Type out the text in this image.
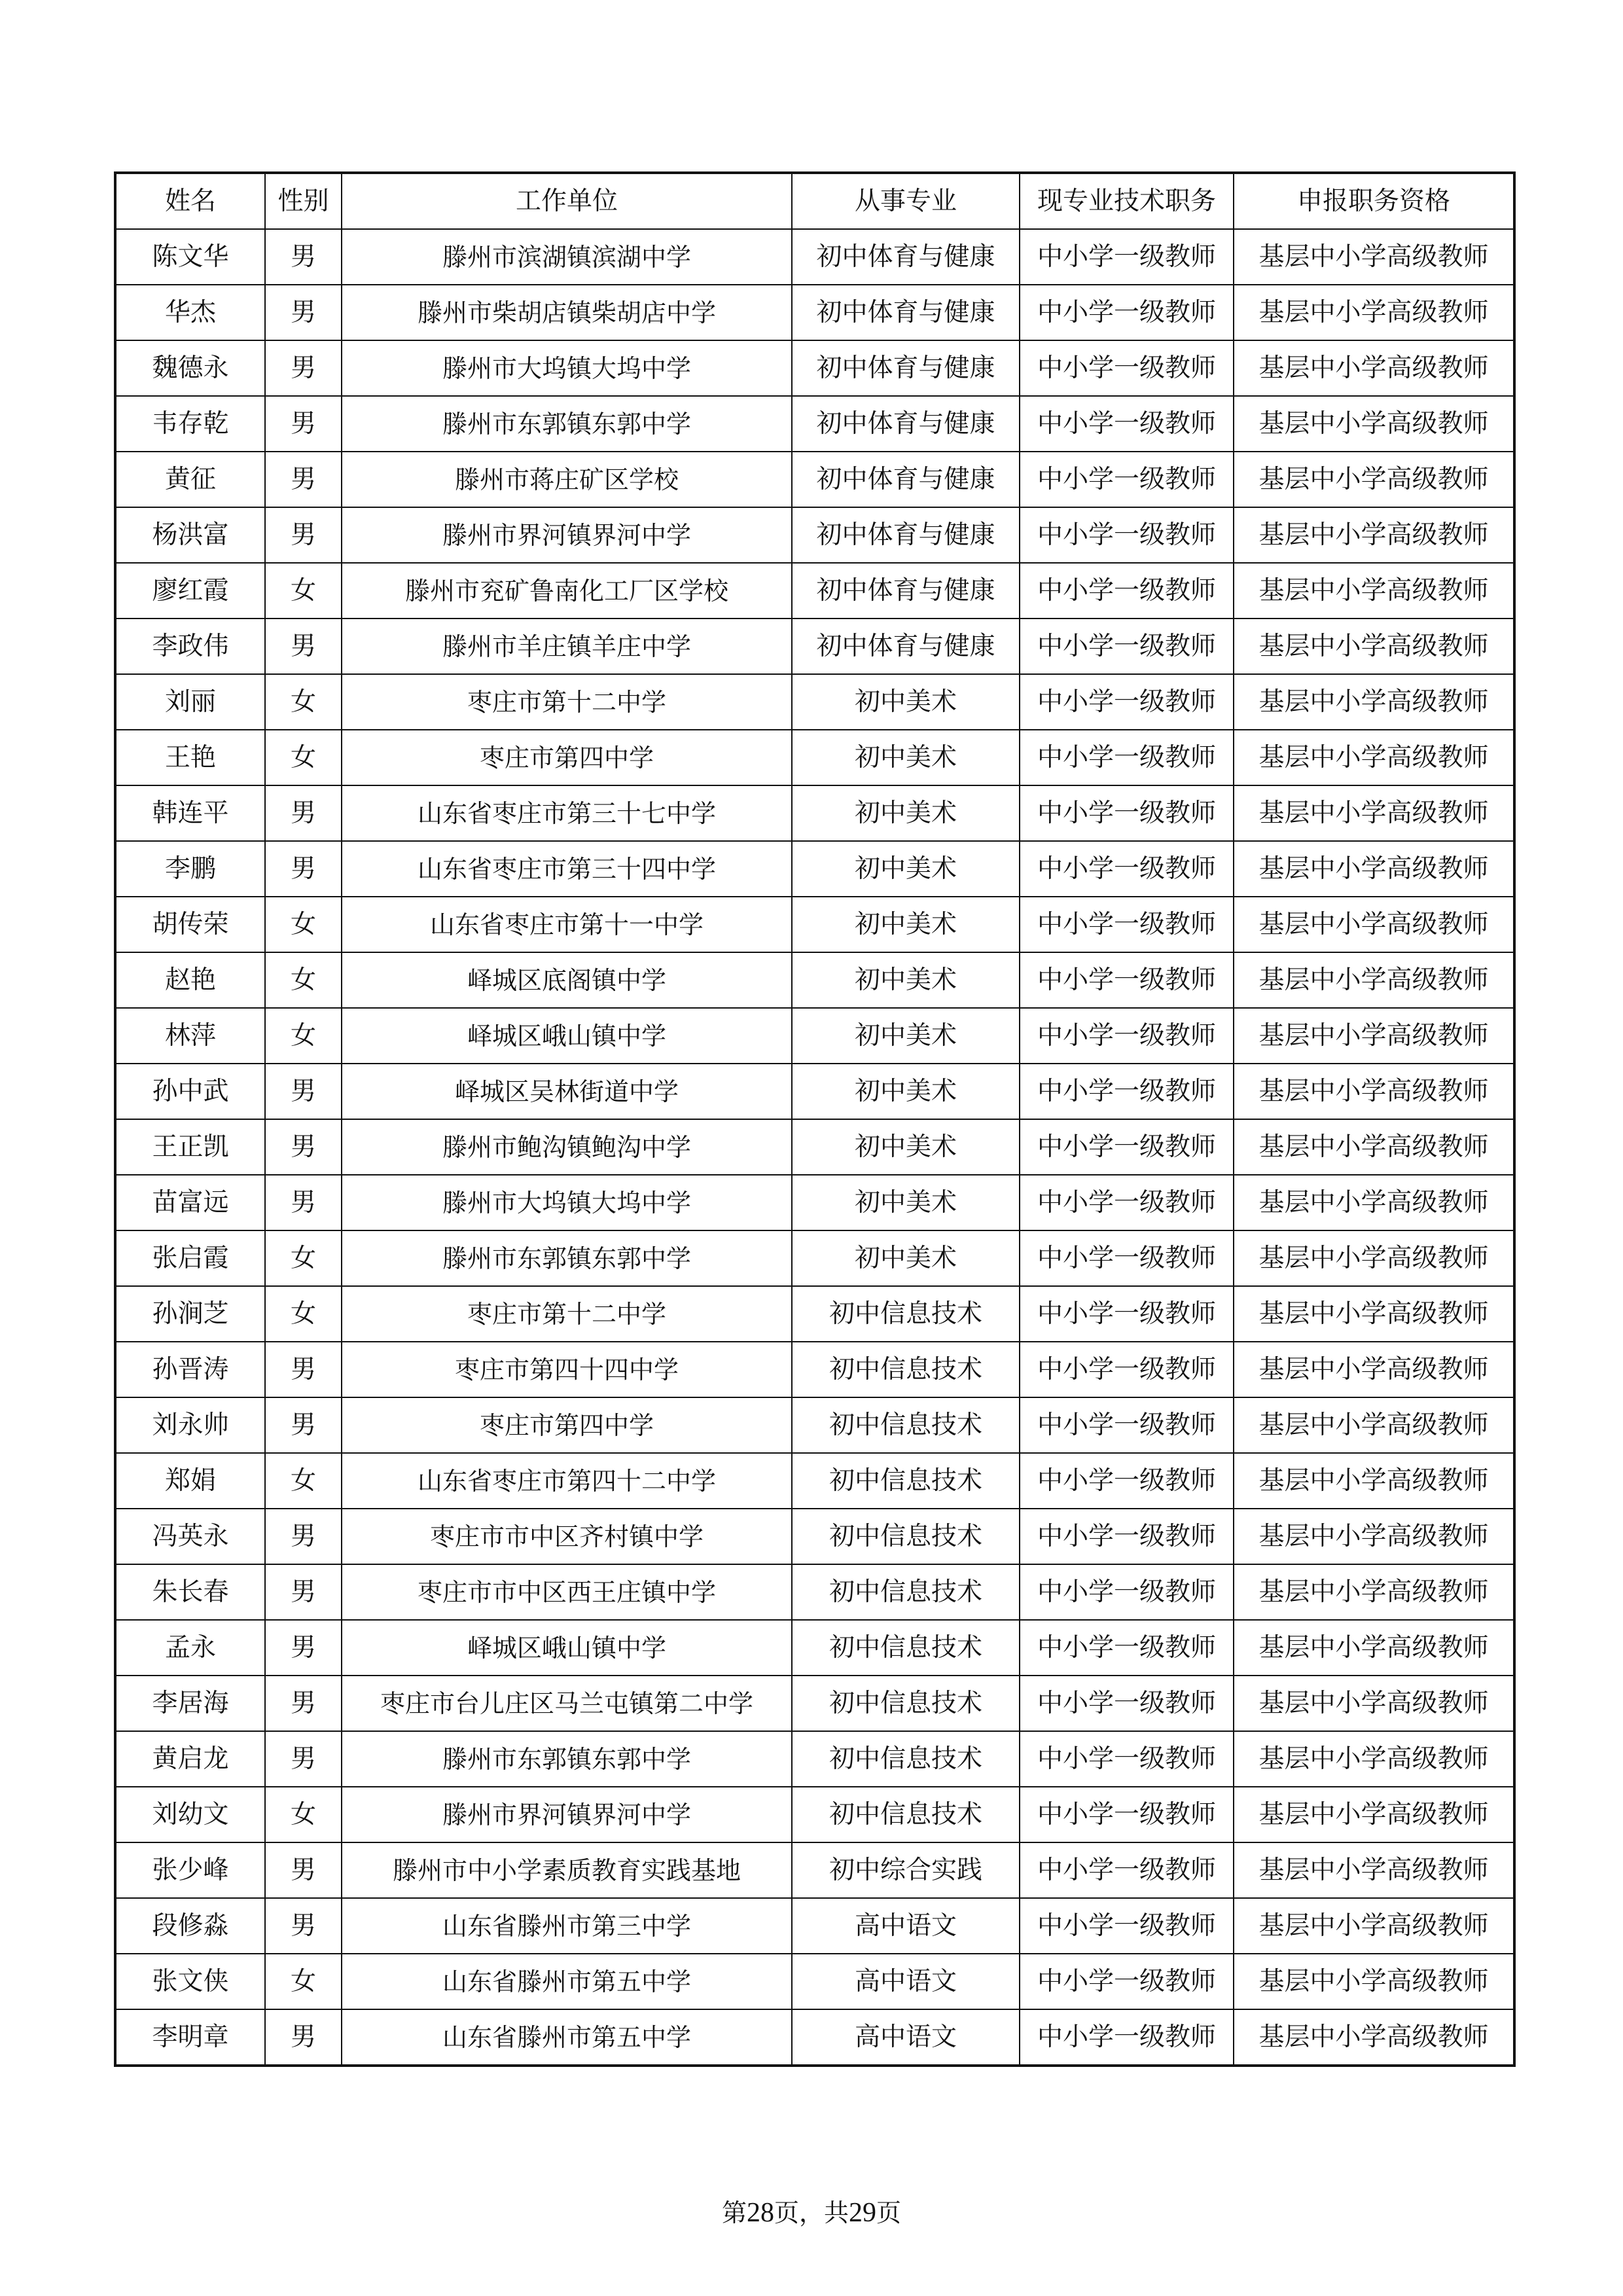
姓名	性别	工作单位	从事专业	现专业技术职务	申报职务资格
陈文华	男	滕州市滨湖镇滨湖中学	初中体育与健康	中小学一级教师	基层中小学高级教师
华杰	男	滕州市柴胡店镇柴胡店中学	初中体育与健康	中小学一级教师	基层中小学高级教师
魏德永	男	滕州市大坞镇大坞中学	初中体育与健康	中小学一级教师	基层中小学高级教师
韦存乾	男	滕州市东郭镇东郭中学	初中体育与健康	中小学一级教师	基层中小学高级教师
黄征	男	滕州市蒋庄矿区学校	初中体育与健康	中小学一级教师	基层中小学高级教师
杨洪富	男	滕州市界河镇界河中学	初中体育与健康	中小学一级教师	基层中小学高级教师
廖红霞	女	滕州市兖矿鲁南化工厂区学校	初中体育与健康	中小学一级教师	基层中小学高级教师
李政伟	男	滕州市羊庄镇羊庄中学	初中体育与健康	中小学一级教师	基层中小学高级教师
刘丽	女	枣庄市第十二中学	初中美术	中小学一级教师	基层中小学高级教师
王艳	女	枣庄市第四中学	初中美术	中小学一级教师	基层中小学高级教师
韩连平	男	山东省枣庄市第三十七中学	初中美术	中小学一级教师	基层中小学高级教师
李鹏	男	山东省枣庄市第三十四中学	初中美术	中小学一级教师	基层中小学高级教师
胡传荣	女	山东省枣庄市第十一中学	初中美术	中小学一级教师	基层中小学高级教师
赵艳	女	峄城区底阁镇中学	初中美术	中小学一级教师	基层中小学高级教师
林萍	女	峄城区峨山镇中学	初中美术	中小学一级教师	基层中小学高级教师
孙中武	男	峄城区吴林街道中学	初中美术	中小学一级教师	基层中小学高级教师
王正凯	男	滕州市鲍沟镇鲍沟中学	初中美术	中小学一级教师	基层中小学高级教师
苗富远	男	滕州市大坞镇大坞中学	初中美术	中小学一级教师	基层中小学高级教师
张启霞	女	滕州市东郭镇东郭中学	初中美术	中小学一级教师	基层中小学高级教师
孙涧芝	女	枣庄市第十二中学	初中信息技术	中小学一级教师	基层中小学高级教师
孙晋涛	男	枣庄市第四十四中学	初中信息技术	中小学一级教师	基层中小学高级教师
刘永帅	男	枣庄市第四中学	初中信息技术	中小学一级教师	基层中小学高级教师
郑娟	女	山东省枣庄市第四十二中学	初中信息技术	中小学一级教师	基层中小学高级教师
冯英永	男	枣庄市市中区齐村镇中学	初中信息技术	中小学一级教师	基层中小学高级教师
朱长春	男	枣庄市市中区西王庄镇中学	初中信息技术	中小学一级教师	基层中小学高级教师
孟永	男	峄城区峨山镇中学	初中信息技术	中小学一级教师	基层中小学高级教师
李居海	男	枣庄市台儿庄区马兰屯镇第二中学	初中信息技术	中小学一级教师	基层中小学高级教师
黄启龙	男	滕州市东郭镇东郭中学	初中信息技术	中小学一级教师	基层中小学高级教师
刘幼文	女	滕州市界河镇界河中学	初中信息技术	中小学一级教师	基层中小学高级教师
张少峰	男	滕州市中小学素质教育实践基地	初中综合实践	中小学一级教师	基层中小学高级教师
段修淼	男	山东省滕州市第三中学	高中语文	中小学一级教师	基层中小学高级教师
张文侠	女	山东省滕州市第五中学	高中语文	中小学一级教师	基层中小学高级教师
李明章	男	山东省滕州市第五中学	高中语文	中小学一级教师	基层中小学高级教师
第28页，共29页
